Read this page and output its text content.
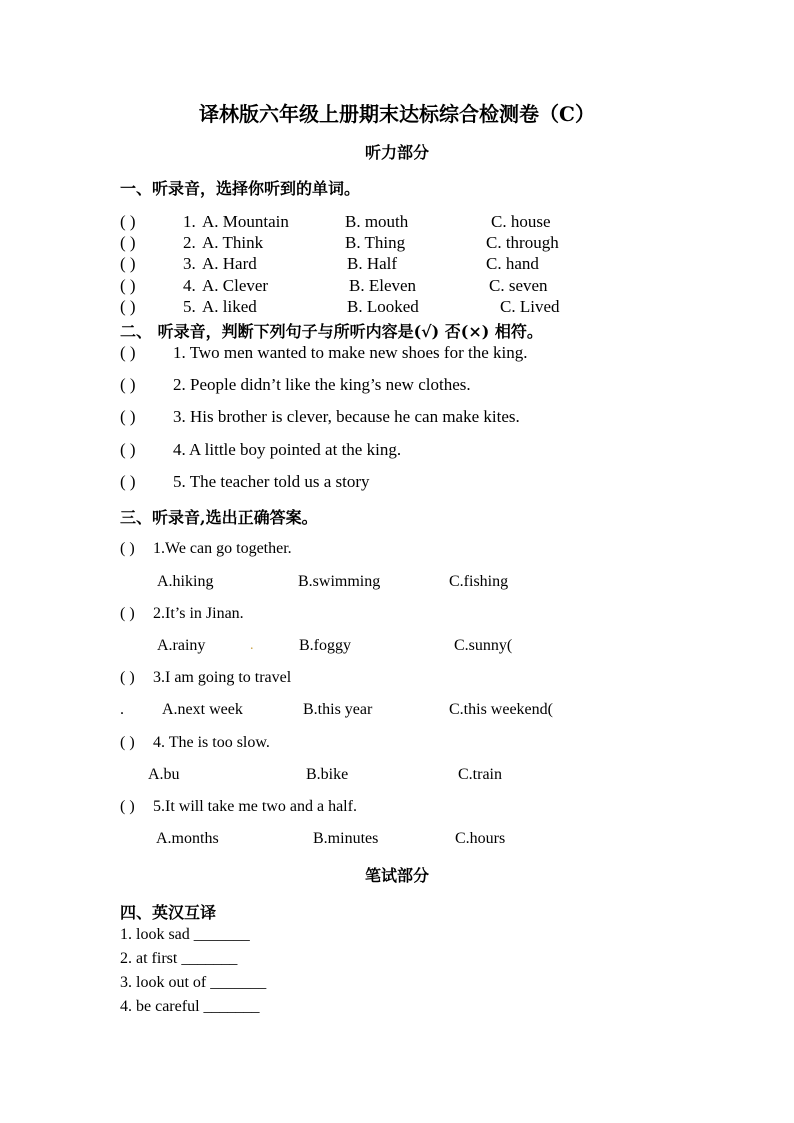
译林版六年级上册期末达标综合检测卷（C）
听力部分
一、听录音，选择你听到的单词。
( )	1. A. Mountain	B. mouth	C. house
( )	2. A. Think	B. Thing	C. through
( )	3. A. Hard	B. Half	C. hand
( )	4. A. Clever	B. Eleven	C. seven
( )	5. A. liked	B. Looked	C. Lived
二、 听录音，判断下列句子与所听内容是(√) 否(×) 相符。
( ) 1. Two men wanted to make new shoes for the king.
( ) 2. People didn’t like the king’s new clothes.
( ) 3. His brother is clever, because he can make kites.
( ) 4. A little boy pointed at the king.
( ) 5. The teacher told us a story
三、听录音,选出正确答案。
( ) 1.We can go together.
A.hiking	B.swimming	C.fishing
( ) 2.It’s in Jinan.
A.rainy	.	B.foggy	C.sunny(
( ) 3.I am going to travel
. A.next week	B.this year	C.this weekend(
( ) 4. The is too slow.
A.bu	B.bike	C.train
( ) 5.It will take me two and a half.
A.months	B.minutes	C.hours
笔试部分
四、英汉互译
1. look sad _______
2. at first _______
3. look out of _______
4. be careful _______
